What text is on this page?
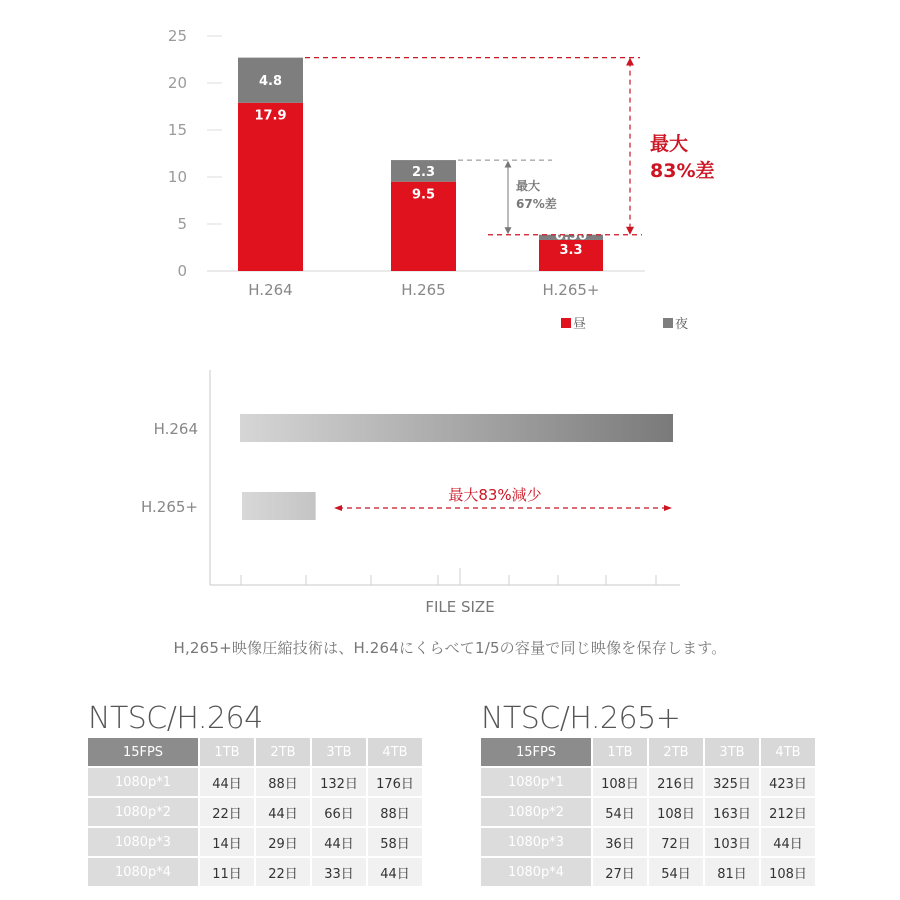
0
5
10
15
20
25
4.8
17.9
H.264
2.3
9.5
H.265
0.56
3.3
H.265+
最大
83%差
最大
67%差
昼	夜
H.264
H.265+
FILE SIZE
最大83%減少
H,265+映像圧縮技術は、H.264にくらべて1/5の容量で同じ映像を保存します。
NTSC/H.264
15FPS	1TB	2TB	3TB	4TB
1080p*1	44日	88日	132日	176日
1080p*2	22日	44日	66日	88日
1080p*3	14日	29日	44日	58日
1080p*4	11日	22日	33日	44日
NTSC/H.265+
15FPS	1TB	2TB	3TB	4TB
1080p*1	108日	216日	325日	423日
1080p*2	54日	108日	163日	212日
1080p*3	36日	72日	103日	44日
1080p*4	27日	54日	81日	108日
